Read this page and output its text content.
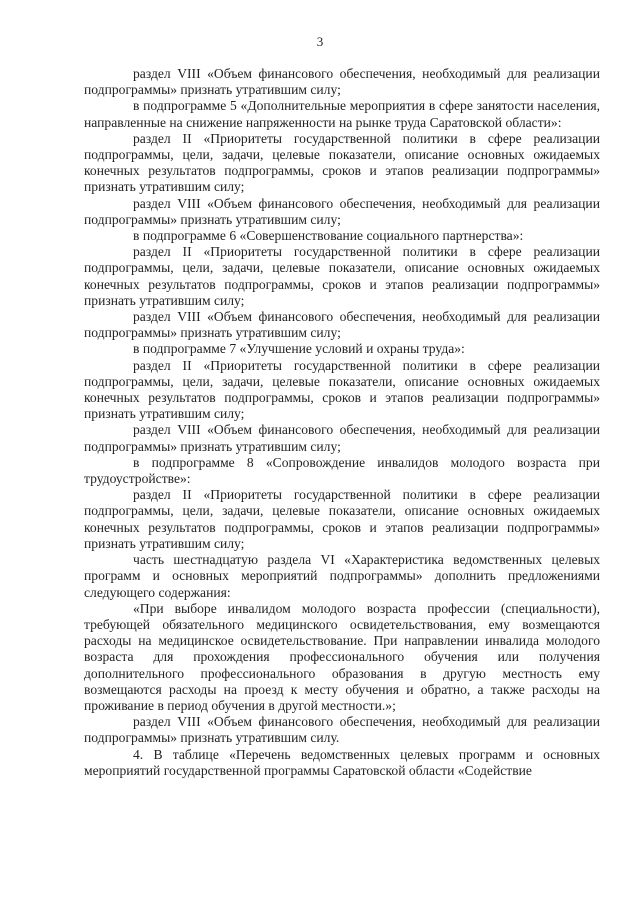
3

раздел VIII «Объем финансового обеспечения, необходимый для реализации подпрограммы» признать утратившим силу;

в подпрограмме 5 «Дополнительные мероприятия в сфере занятости населения, направленные на снижение напряженности на рынке труда Саратовской области»:

раздел II «Приоритеты государственной политики в сфере реализации подпрограммы, цели, задачи, целевые показатели, описание основных ожидаемых конечных результатов подпрограммы, сроков и этапов реализации подпрограммы» признать утратившим силу;

раздел VIII «Объем финансового обеспечения, необходимый для реализации подпрограммы» признать утратившим силу;

в подпрограмме 6 «Совершенствование социального партнерства»:

раздел II «Приоритеты государственной политики в сфере реализации подпрограммы, цели, задачи, целевые показатели, описание основных ожидаемых конечных результатов подпрограммы, сроков и этапов реализации подпрограммы» признать утратившим силу;

раздел VIII «Объем финансового обеспечения, необходимый для реализации подпрограммы» признать утратившим силу;

в подпрограмме 7 «Улучшение условий и охраны труда»:

раздел II «Приоритеты государственной политики в сфере реализации подпрограммы, цели, задачи, целевые показатели, описание основных ожидаемых конечных результатов подпрограммы, сроков и этапов реализации подпрограммы» признать утратившим силу;

раздел VIII «Объем финансового обеспечения, необходимый для реализации подпрограммы» признать утратившим силу;

в подпрограмме 8 «Сопровождение инвалидов молодого возраста при трудоустройстве»:

раздел II «Приоритеты государственной политики в сфере реализации подпрограммы, цели, задачи, целевые показатели, описание основных ожидаемых конечных результатов подпрограммы, сроков и этапов реализации подпрограммы» признать утратившим силу;

часть шестнадцатую раздела VI «Характеристика ведомственных целевых программ и основных мероприятий подпрограммы» дополнить предложениями следующего содержания:

«При выборе инвалидом молодого возраста профессии (специальности), требующей обязательного медицинского освидетельствования, ему возмещаются расходы на медицинское освидетельствование. При направлении инвалида молодого возраста для прохождения профессионального обучения или получения дополнительного профессионального образования в другую местность ему возмещаются расходы на проезд к месту обучения и обратно, а также расходы на проживание в период обучения в другой местности.»;

раздел VIII «Объем финансового обеспечения, необходимый для реализации подпрограммы» признать утратившим силу.

4. В таблице «Перечень ведомственных целевых программ и основных мероприятий государственной программы Саратовской области «Содействие
